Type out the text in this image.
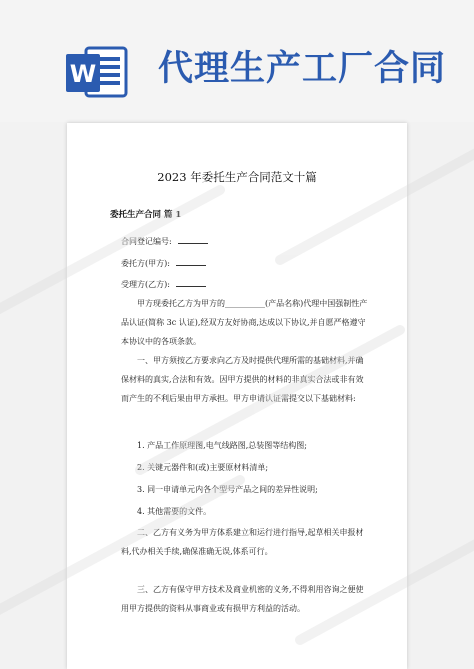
W 代理生产工厂合同
2023 年委托生产合同范文十篇
委托生产合同 篇 1
合同登记编号:
委托方(甲方):
受理方(乙方):
甲方现委托乙方为甲方的__________(产品名称)代理中国强制性产品认证(简称 3c 认证),经双方友好协商,达成以下协议,并自愿严格遵守本协议中的各项条款。
一、甲方须按乙方要求向乙方及时提供代理所需的基础材料,并确保材料的真实,合法和有效。因甲方提供的材料的非真实合法或非有效而产生的不利后果由甲方承担。甲方申请认证需提交以下基础材料:
1. 产品工作原理图,电气线路图,总装图等结构图;
2. 关键元器件和(或)主要原材料清单;
3. 同一申请单元内各个型号产品之间的差异性说明;
4. 其他需要的文件。
二、乙方有义务为甲方体系建立和运行进行指导,起草相关申报材料,代办相关手续,确保准确无误,体系可行。
三、乙方有保守甲方技术及商业机密的义务,不得利用咨询之便使用甲方提供的资料从事商业或有损甲方利益的活动。
